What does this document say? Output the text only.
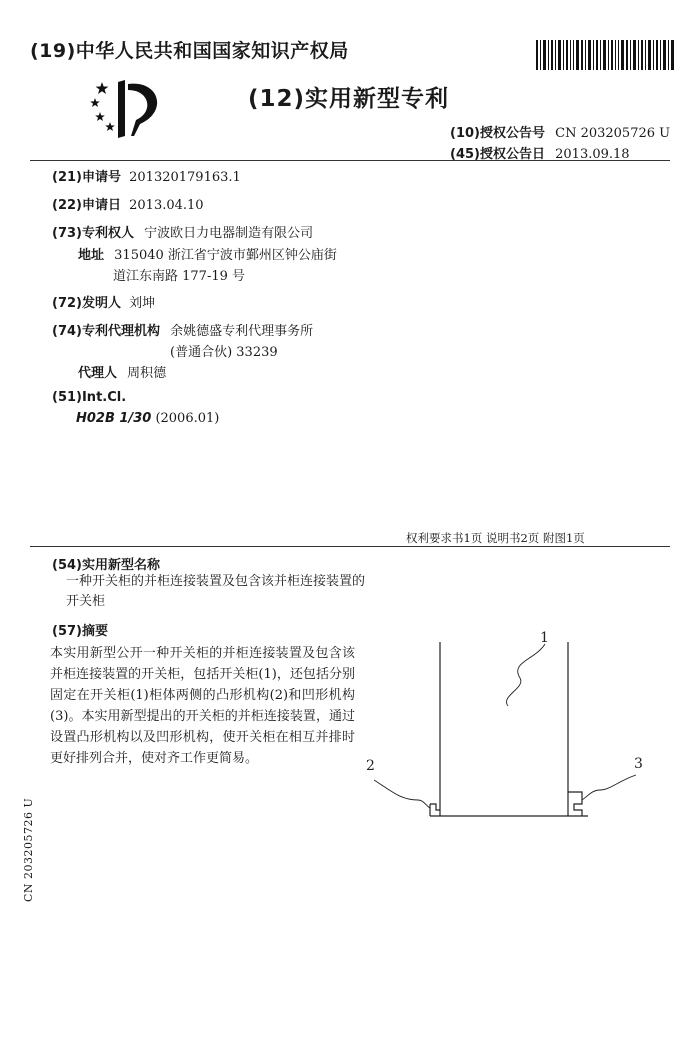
(19)中华人民共和国国家知识产权局
(12)实用新型专利
(10)授权公告号 CN 203205726 U
(45)授权公告日 2013.09.18
(21)申请号 201320179163.1
(22)申请日 2013.04.10
(73)专利权人 宁波欧日力电器制造有限公司
地址 315040 浙江省宁波市鄞州区钟公庙街
道江东南路 177-19 号
(72)发明人 刘坤
(74)专利代理机构 余姚德盛专利代理事务所
(普通合伙) 33239
代理人 周积德
(51)Int.Cl.
H02B 1/30 (2006.01)
权利要求书1页 说明书2页 附图1页
(54)实用新型名称
一种开关柜的并柜连接装置及包含该并柜连接装置的开关柜
(57)摘要
本实用新型公开一种开关柜的并柜连接装置及包含该并柜连接装置的开关柜，包括开关柜(1)，还包括分别固定在开关柜(1)柜体两侧的凸形机构(2)和凹形机构(3)。本实用新型提出的开关柜的并柜连接装置，通过设置凸形机构以及凹形机构，使开关柜在相互并排时更好排列合并，使对齐工作更简易。
1
2	3
CN 203205726 U
